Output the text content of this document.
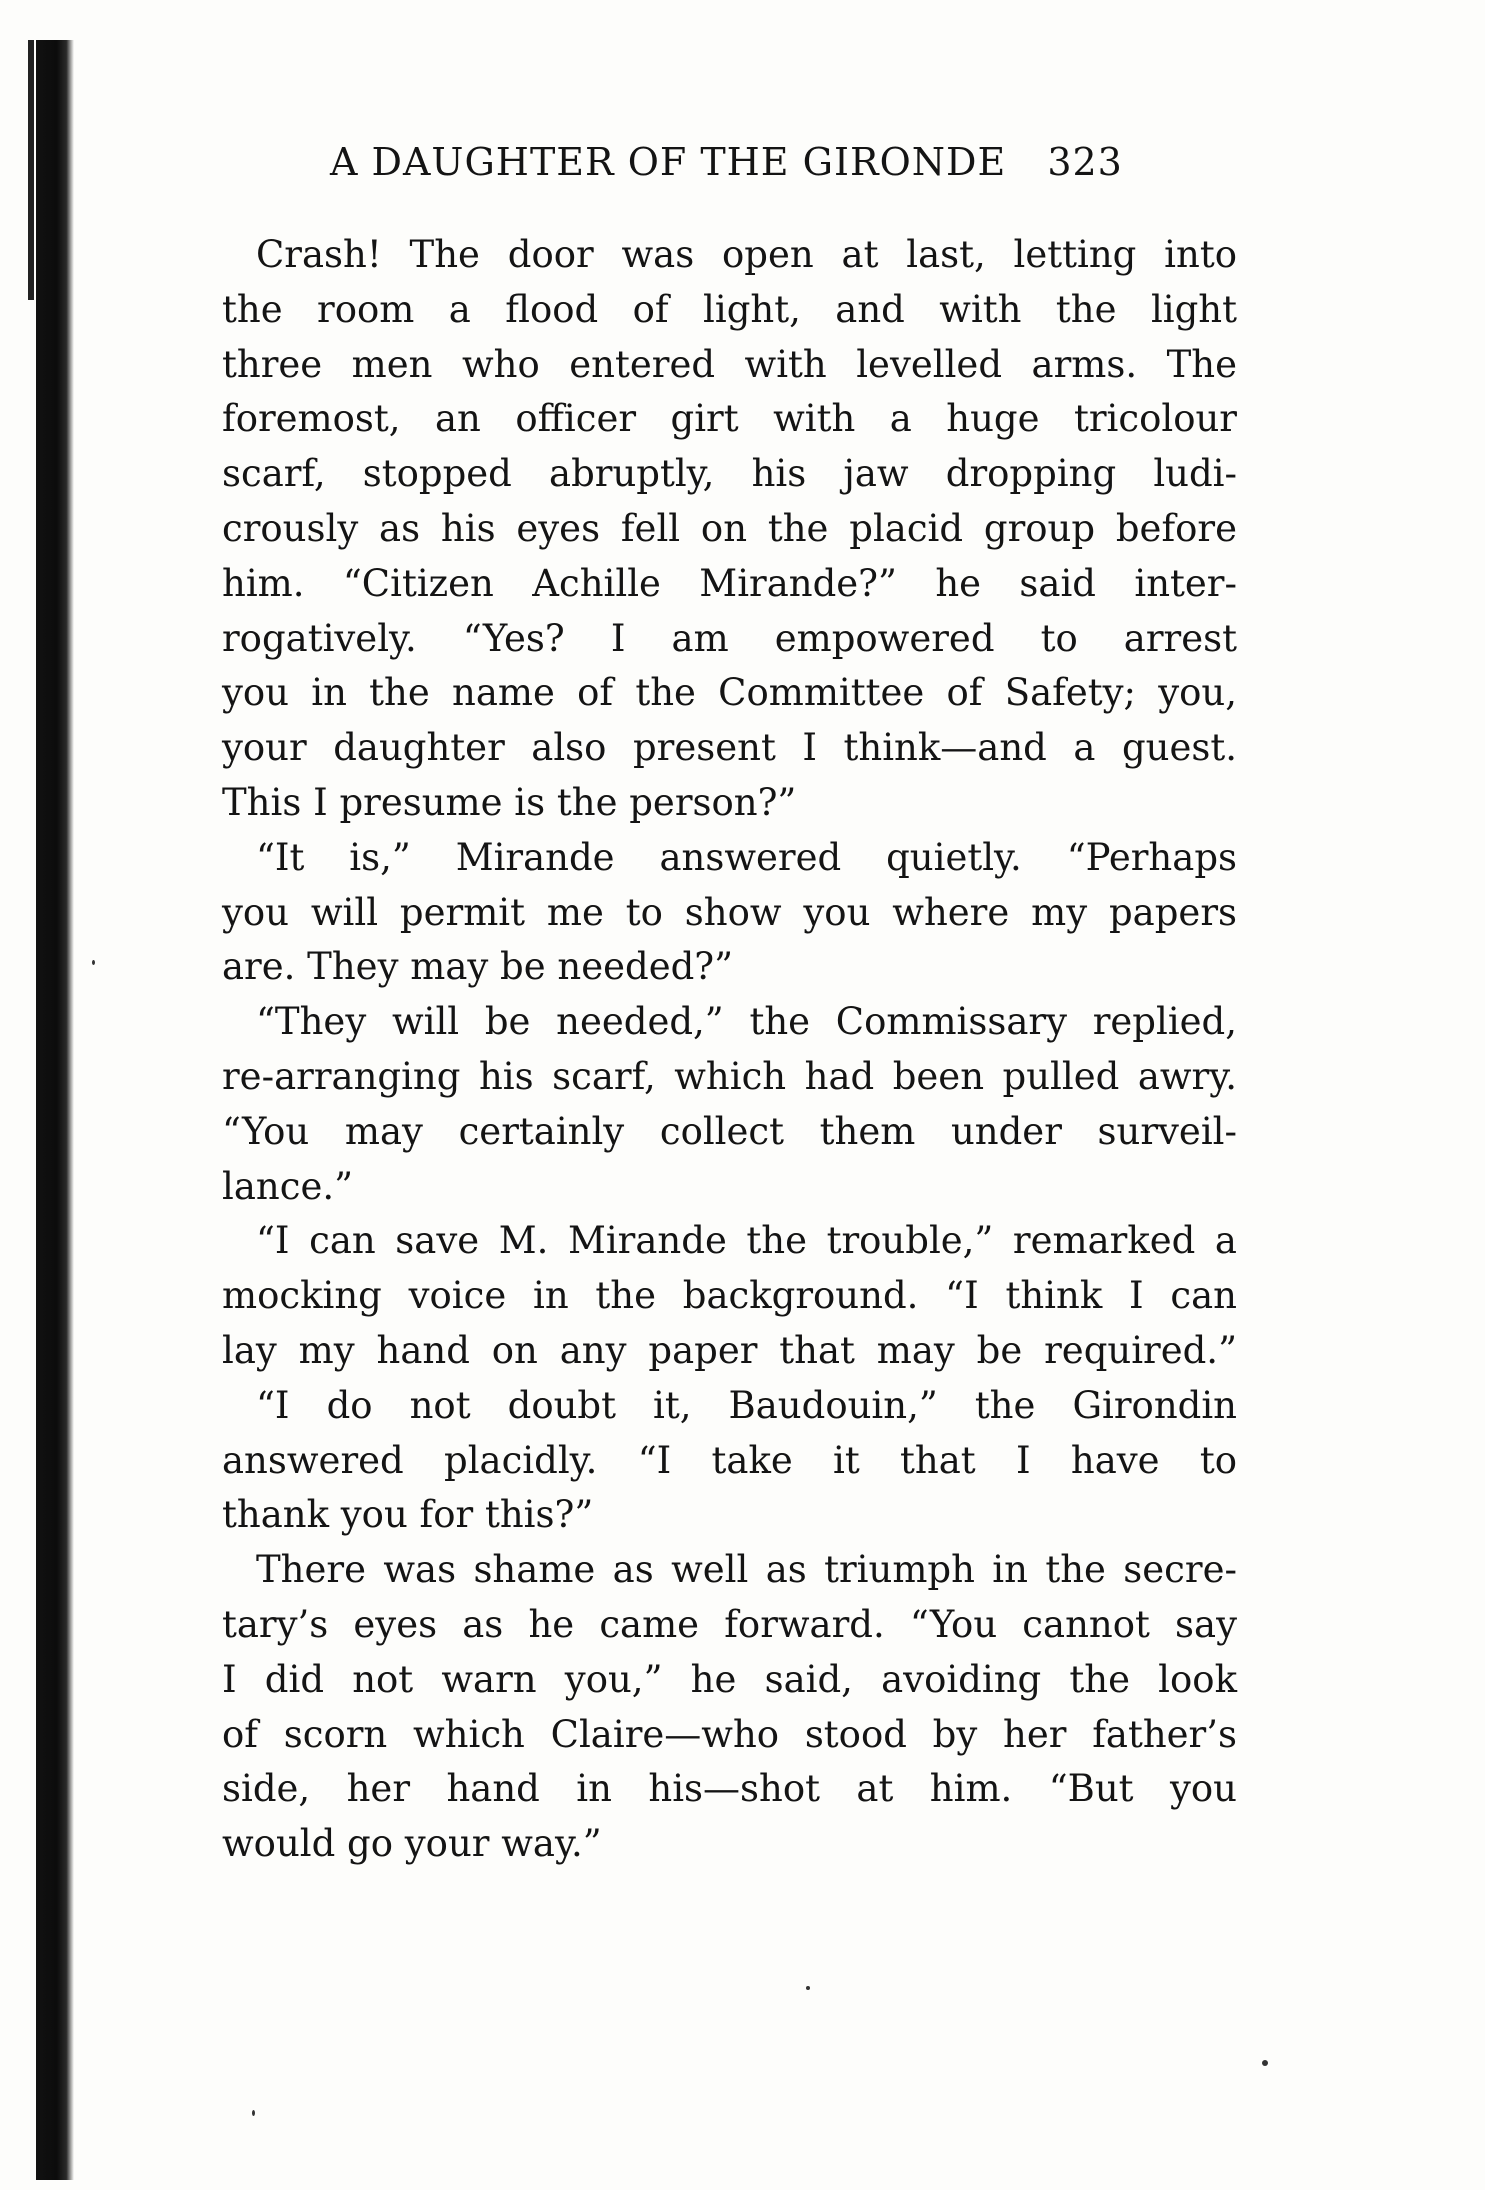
A DAUGHTER OF THE GIRONDE 323
Crash! The door was open at last, letting into
the room a flood of light, and with the light
three men who entered with levelled arms. The
foremost, an officer girt with a huge tricolour
scarf, stopped abruptly, his jaw dropping ludi-
crously as his eyes fell on the placid group before
him. “Citizen Achille Mirande?” he said inter-
rogatively. “Yes? I am empowered to arrest
you in the name of the Committee of Safety; you,
your daughter also present I think—and a guest.
This I presume is the person?”
“It is,” Mirande answered quietly. “Perhaps
you will permit me to show you where my papers
are. They may be needed?”
“They will be needed,” the Commissary replied,
re-arranging his scarf, which had been pulled awry.
“You may certainly collect them under surveil-
lance.”
“I can save M. Mirande the trouble,” remarked a
mocking voice in the background. “I think I can
lay my hand on any paper that may be required.”
“I do not doubt it, Baudouin,” the Girondin
answered placidly. “I take it that I have to
thank you for this?”
There was shame as well as triumph in the secre-
tary’s eyes as he came forward. “You cannot say
I did not warn you,” he said, avoiding the look
of scorn which Claire—who stood by her father’s
side, her hand in his—shot at him. “But you
would go your way.”
